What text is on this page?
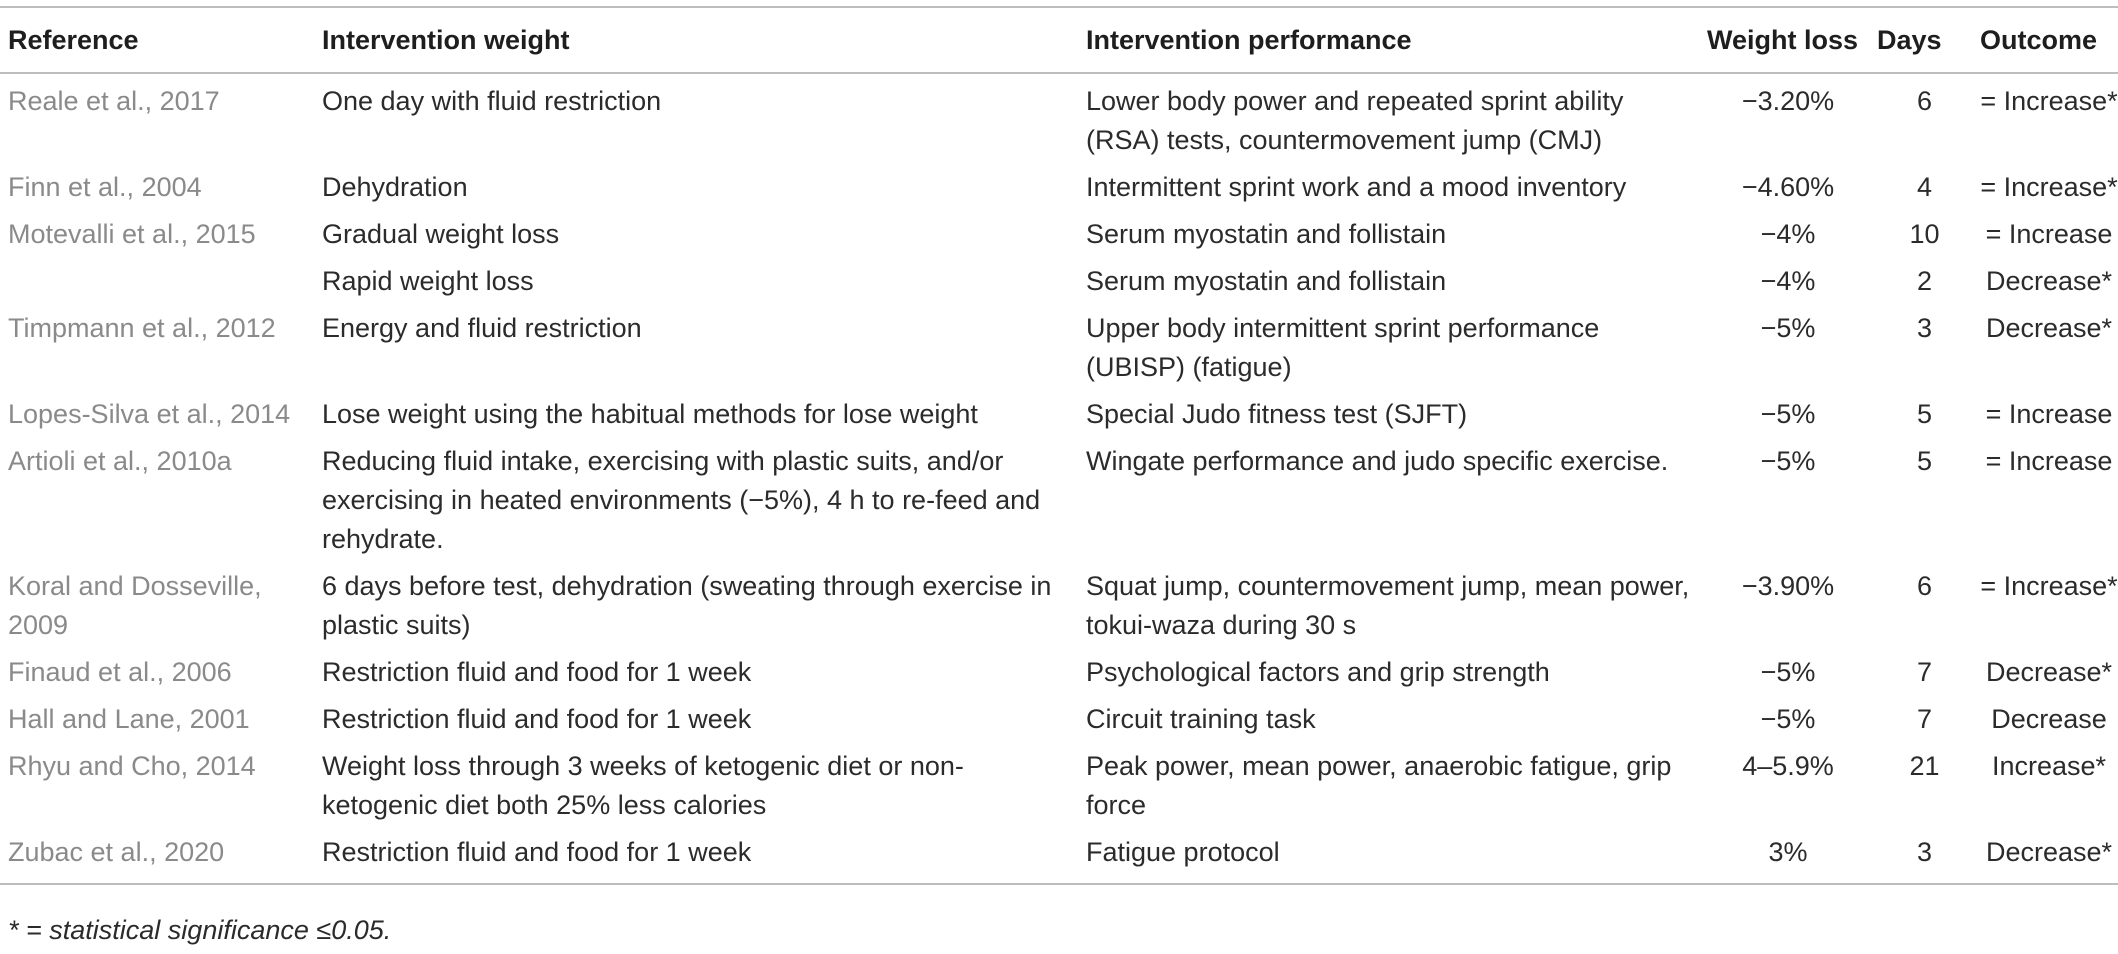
Reference	Intervention weight	Intervention performance	Weight loss	Days	Outcome
Reale et al., 2017	One day with fluid restriction	Lower body power and repeated sprint ability (RSA) tests, countermovement jump (CMJ)	−3.20%	6	= Increase*
Finn et al., 2004	Dehydration	Intermittent sprint work and a mood inventory	−4.60%	4	= Increase*
Motevalli et al., 2015	Gradual weight loss	Serum myostatin and follistain	−4%	10	= Increase
	Rapid weight loss	Serum myostatin and follistain	−4%	2	Decrease*
Timpmann et al., 2012	Energy and fluid restriction	Upper body intermittent sprint performance (UBISP) (fatigue)	−5%	3	Decrease*
Lopes-Silva et al., 2014	Lose weight using the habitual methods for lose weight	Special Judo fitness test (SJFT)	−5%	5	= Increase
Artioli et al., 2010a	Reducing fluid intake, exercising with plastic suits, and/or exercising in heated environments (−5%), 4 h to re-feed and rehydrate.	Wingate performance and judo specific exercise.	−5%	5	= Increase
Koral and Dosseville, 2009	6 days before test, dehydration (sweating through exercise in plastic suits)	Squat jump, countermovement jump, mean power, tokui-waza during 30 s	−3.90%	6	= Increase*
Finaud et al., 2006	Restriction fluid and food for 1 week	Psychological factors and grip strength	−5%	7	Decrease*
Hall and Lane, 2001	Restriction fluid and food for 1 week	Circuit training task	−5%	7	Decrease
Rhyu and Cho, 2014	Weight loss through 3 weeks of ketogenic diet or non-ketogenic diet both 25% less calories	Peak power, mean power, anaerobic fatigue, grip force	4–5.9%	21	Increase*
Zubac et al., 2020	Restriction fluid and food for 1 week	Fatigue protocol	3%	3	Decrease*
* = statistical significance ≤0.05.
